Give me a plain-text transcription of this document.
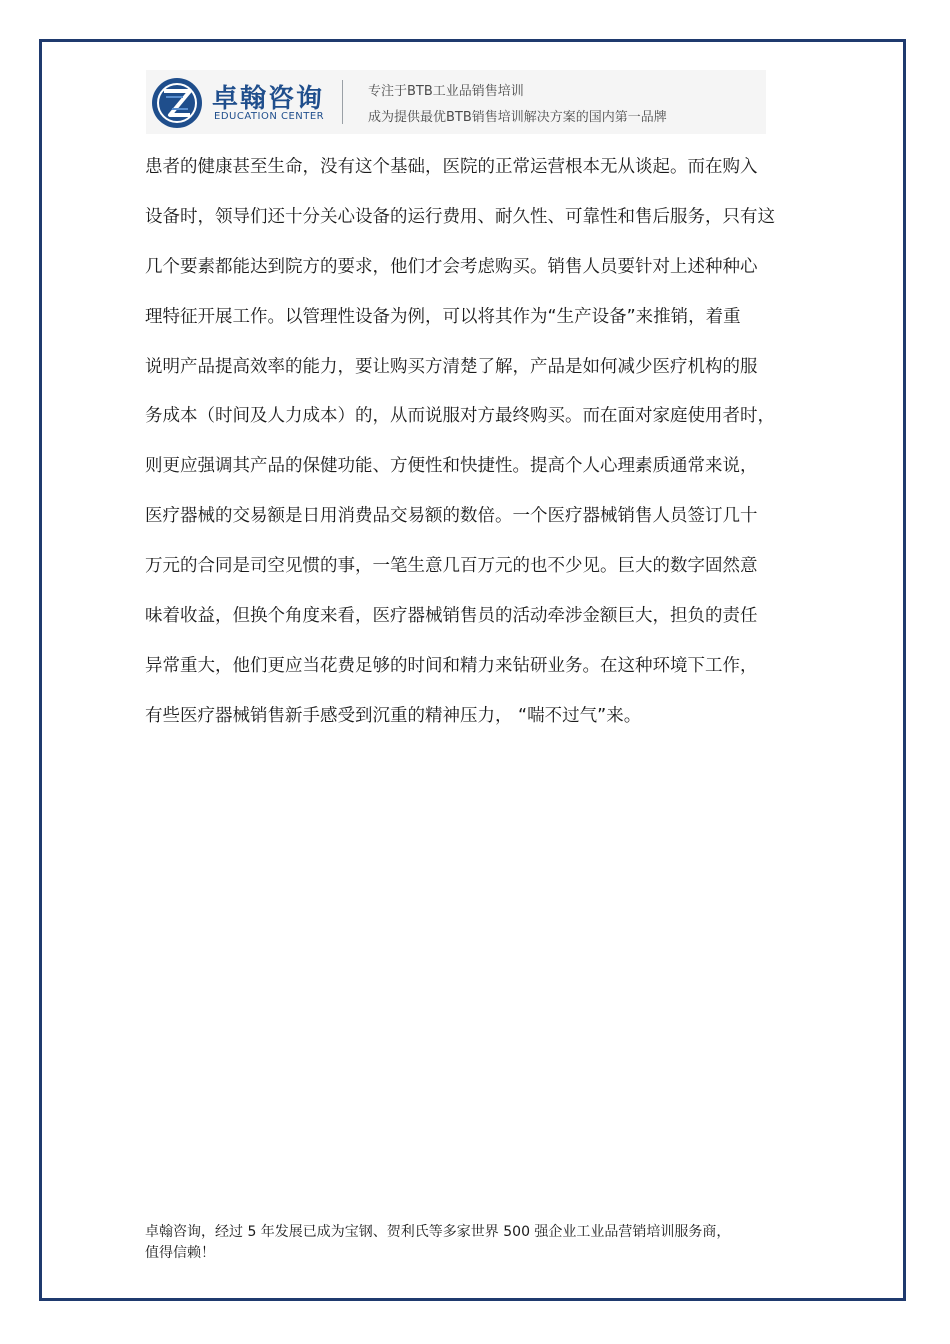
卓翰咨询
EDUCATION CENTER
专注于BTB工业品销售培训
成为提供最优BTB销售培训解决方案的国内第一品牌
患者的健康甚至生命，没有这个基础，医院的正常运营根本无从谈起。而在购入
设备时，领导们还十分关心设备的运行费用、耐久性、可靠性和售后服务，只有这
几个要素都能达到院方的要求，他们才会考虑购买。销售人员要针对上述种种心
理特征开展工作。以管理性设备为例，可以将其作为“生产设备”来推销，着重
说明产品提高效率的能力，要让购买方清楚了解，产品是如何减少医疗机构的服
务成本（时间及人力成本）的，从而说服对方最终购买。而在面对家庭使用者时，
则更应强调其产品的保健功能、方便性和快捷性。提高个人心理素质通常来说，
医疗器械的交易额是日用消费品交易额的数倍。一个医疗器械销售人员签订几十
万元的合同是司空见惯的事，一笔生意几百万元的也不少见。巨大的数字固然意
味着收益，但换个角度来看，医疗器械销售员的活动牵涉金额巨大，担负的责任
异常重大，他们更应当花费足够的时间和精力来钻研业务。在这种环境下工作，
有些医疗器械销售新手感受到沉重的精神压力， “喘不过气”来。
卓翰咨询，经过 5 年发展已成为宝钢、贺利氏等多家世界 500 强企业工业品营销培训服务商，
值得信赖！
